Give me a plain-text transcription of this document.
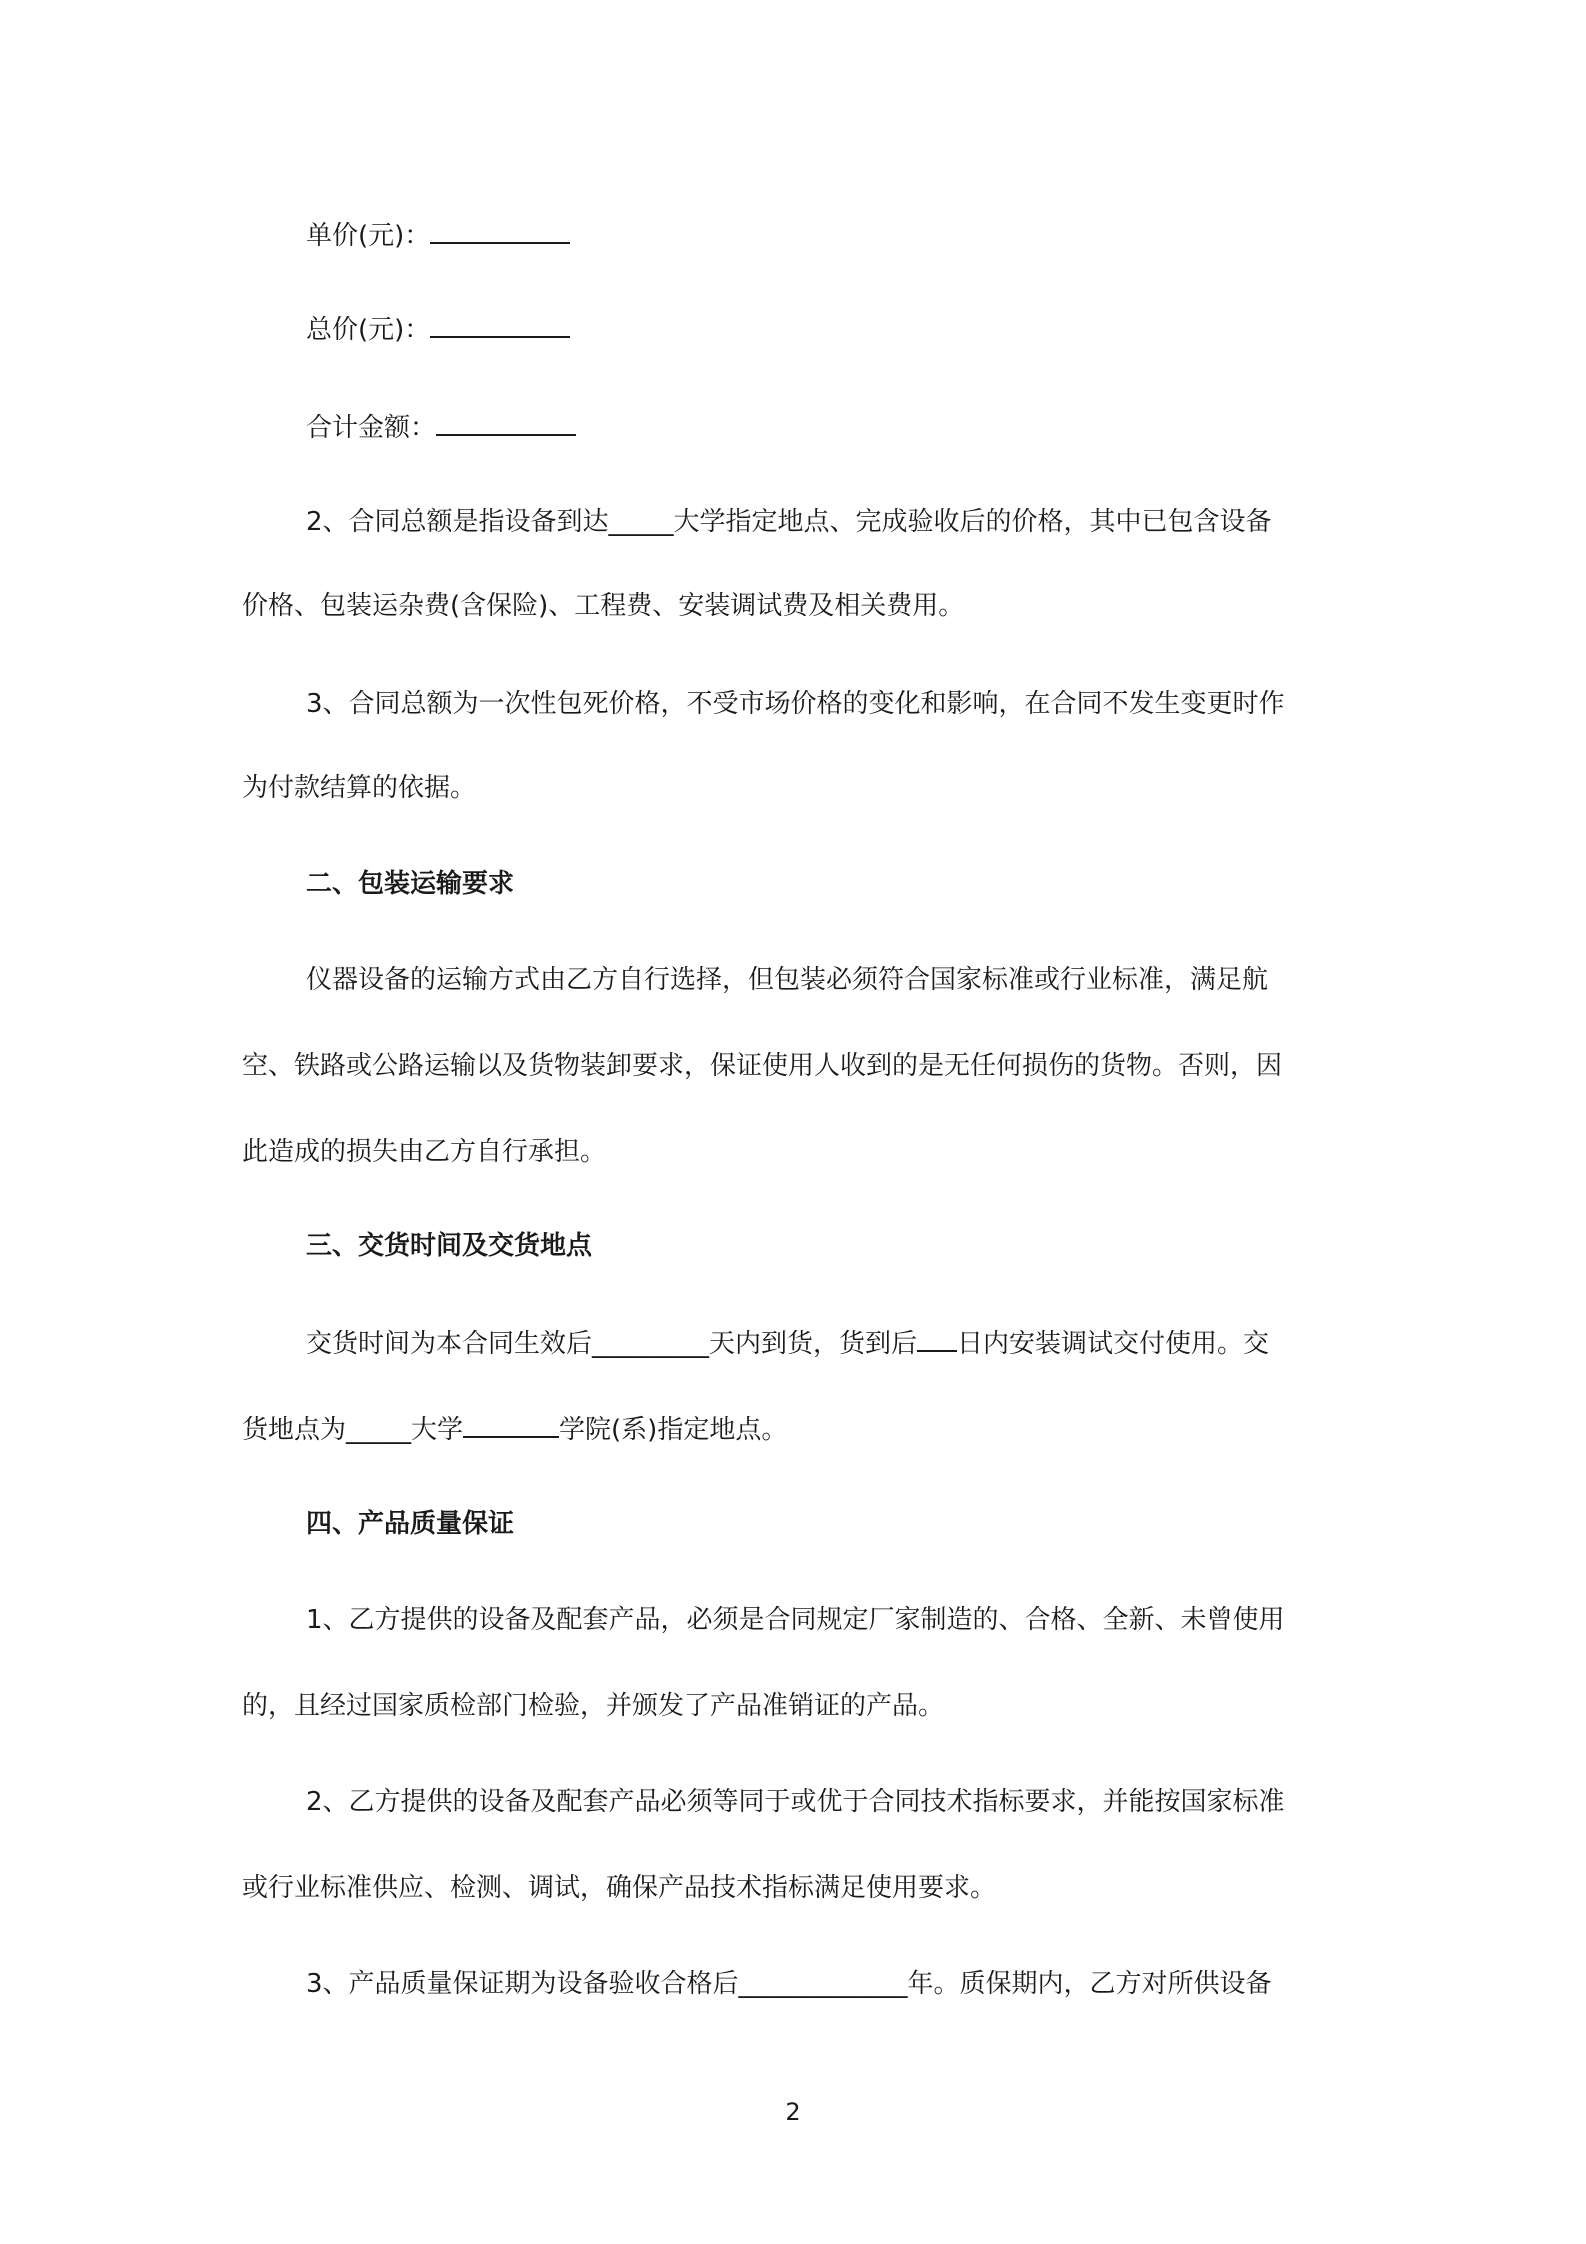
单价(元)：
总价(元)：
合计金额：
2、合同总额是指设备到达_____大学指定地点、完成验收后的价格，其中已包含设备
价格、包装运杂费(含保险)、工程费、安装调试费及相关费用。
3、合同总额为一次性包死价格，不受市场价格的变化和影响，在合同不发生变更时作
为付款结算的依据。
二、包装运输要求
仪器设备的运输方式由乙方自行选择，但包装必须符合国家标准或行业标准，满足航
空、铁路或公路运输以及货物装卸要求，保证使用人收到的是无任何损伤的货物。否则，因
此造成的损失由乙方自行承担。
三、交货时间及交货地点
交货时间为本合同生效后_________天内到货，货到后 日内安装调试交付使用。交
货地点为_____大学	学院(系)指定地点。
四、产品质量保证
1、乙方提供的设备及配套产品，必须是合同规定厂家制造的、合格、全新、未曾使用
的，且经过国家质检部门检验，并颁发了产品准销证的产品。
2、乙方提供的设备及配套产品必须等同于或优于合同技术指标要求，并能按国家标准
或行业标准供应、检测、调试，确保产品技术指标满足使用要求。
3、产品质量保证期为设备验收合格后_____________年。质保期内，乙方对所供设备
2
